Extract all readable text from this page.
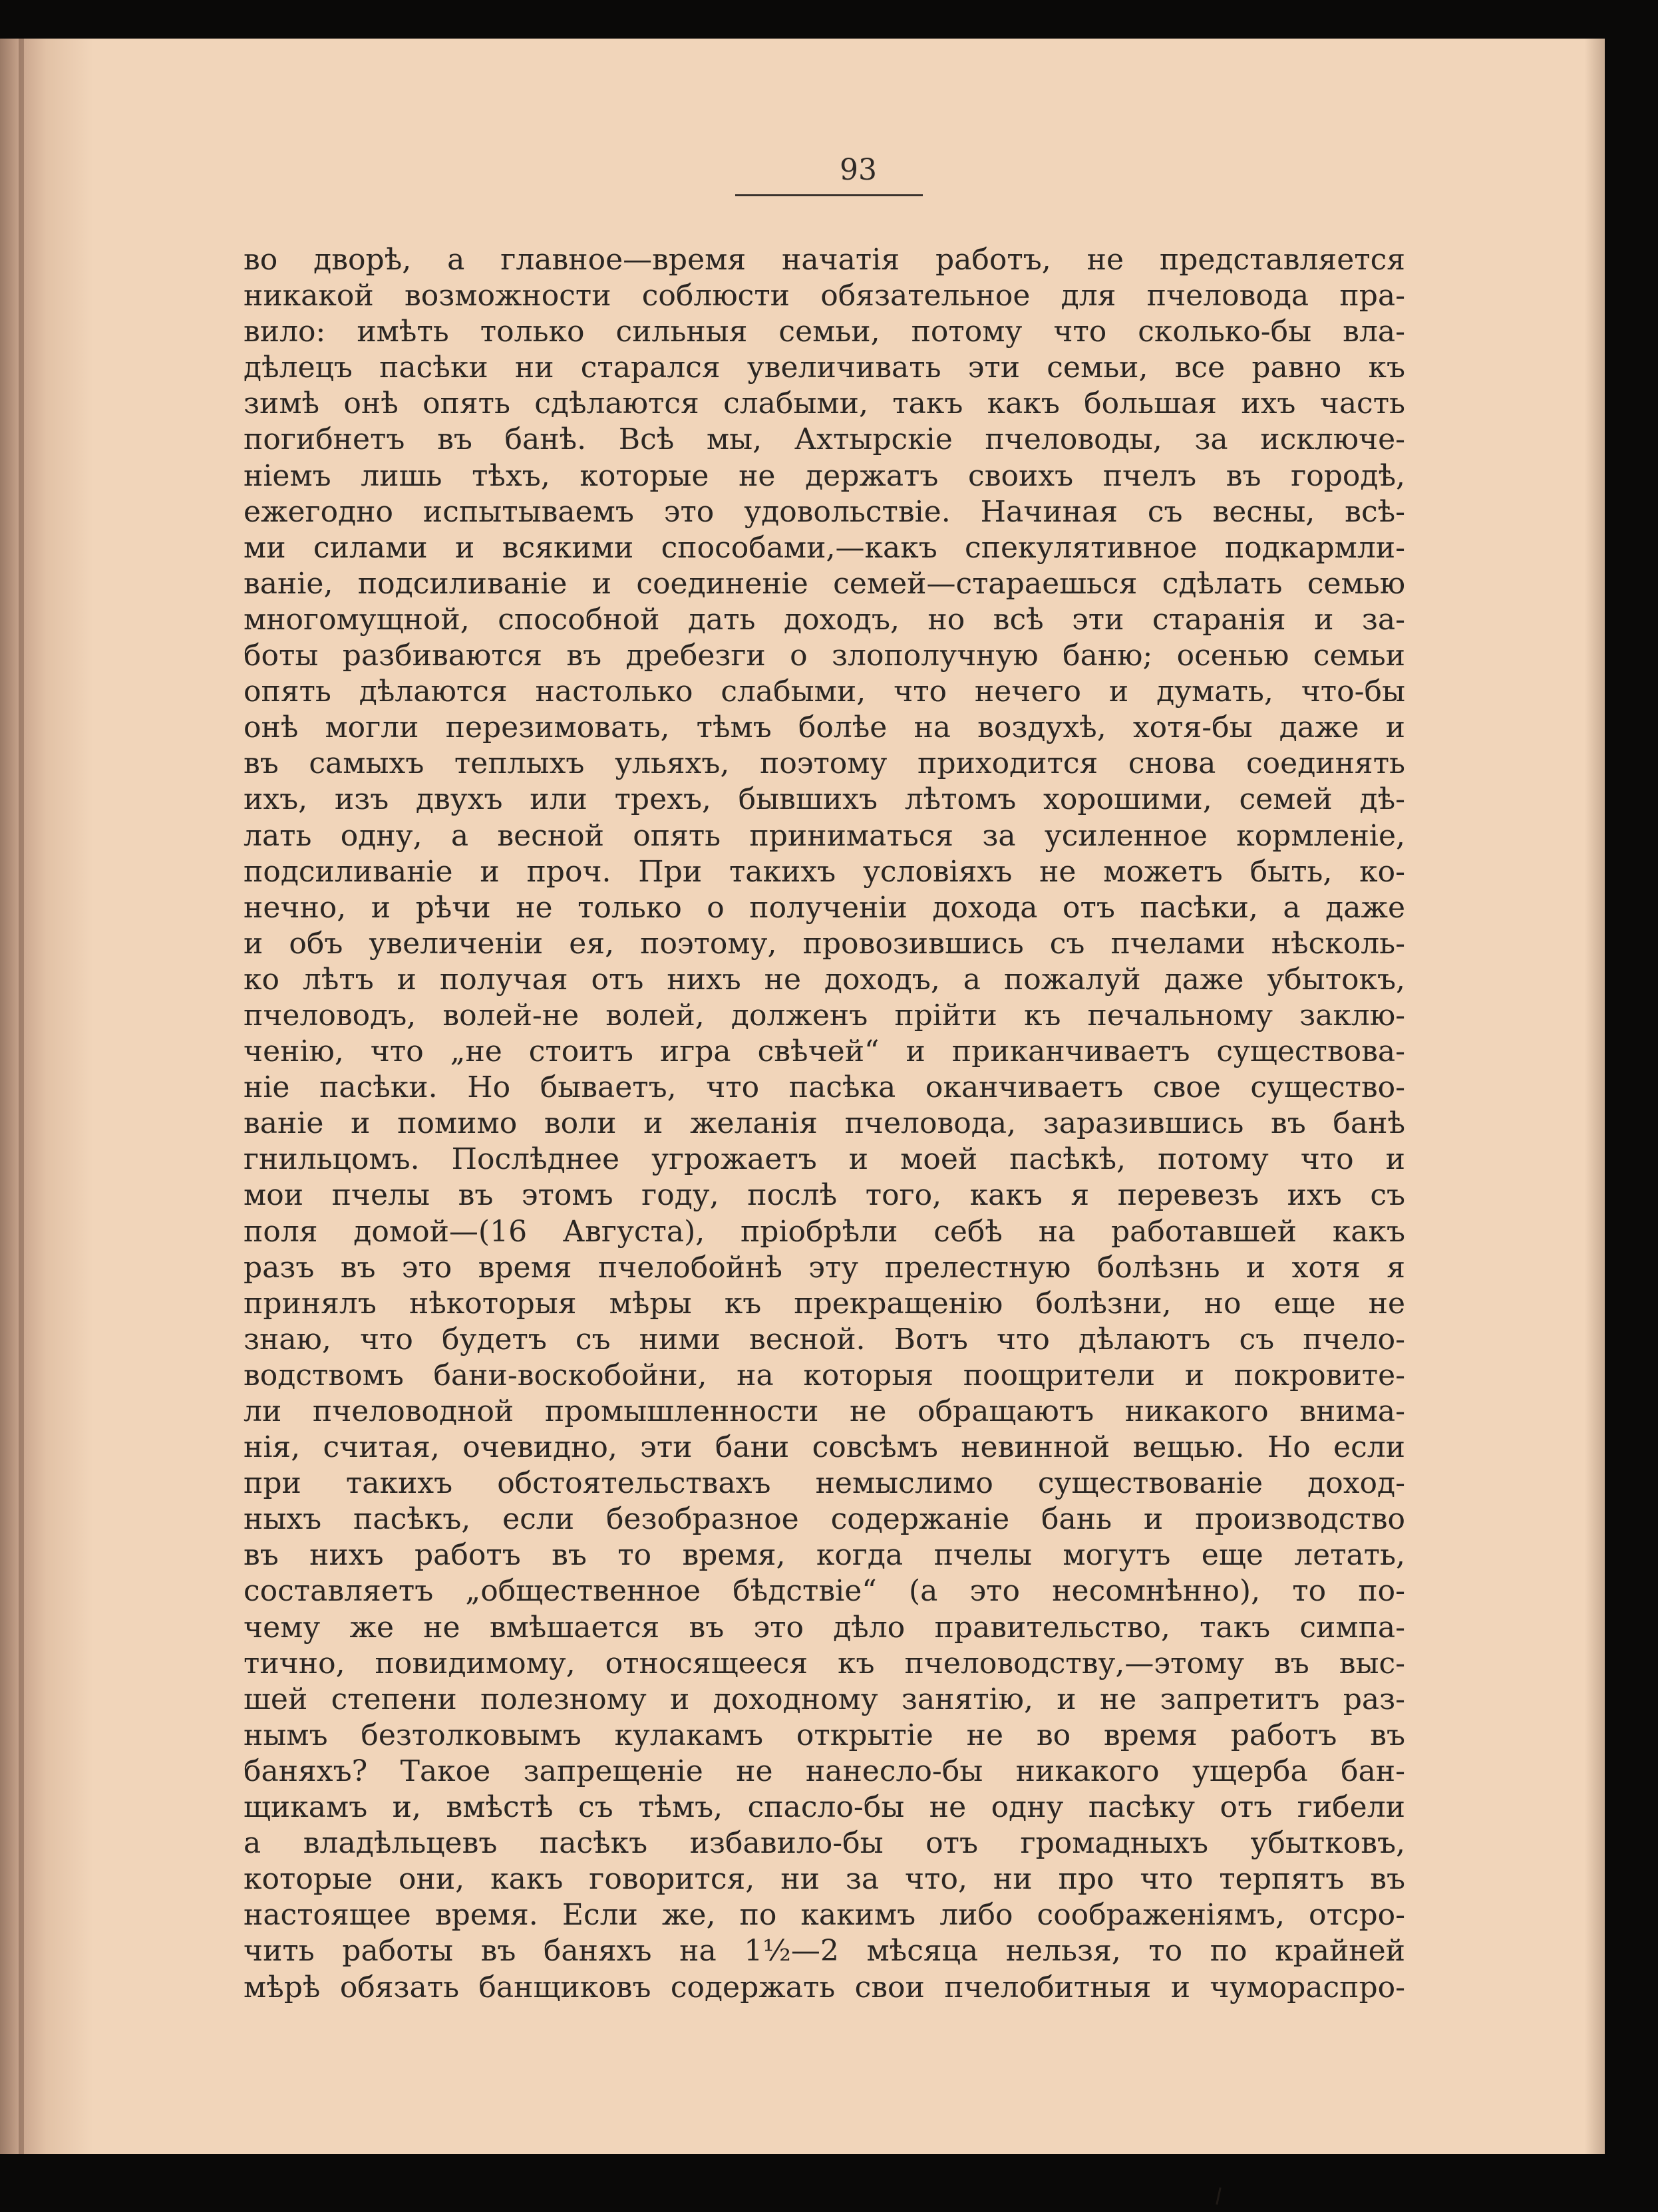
93
во дворѣ, а главное—время начатія работъ, не представляется
никакой возможности соблюсти обязательное для пчеловода пра-
вило: имѣть только сильныя семьи, потому что сколько-бы вла-
дѣлецъ пасѣки ни старался увеличивать эти семьи, все равно къ
зимѣ онѣ опять сдѣлаются слабыми, такъ какъ большая ихъ часть
погибнетъ въ банѣ. Всѣ мы, Ахтырскіе пчеловоды, за исключе-
ніемъ лишь тѣхъ, которые не держатъ своихъ пчелъ въ городѣ,
ежегодно испытываемъ это удовольствіе. Начиная съ весны, всѣ-
ми силами и всякими способами,—какъ спекулятивное подкармли-
ваніе, подсиливаніе и соединеніе семей—стараешься сдѣлать семью
многомущной, способной дать доходъ, но всѣ эти старанія и за-
боты разбиваются въ дребезги о злополучную баню; осенью семьи
опять дѣлаются настолько слабыми, что нечего и думать, что-бы
онѣ могли перезимовать, тѣмъ болѣе на воздухѣ, хотя-бы даже и
въ самыхъ теплыхъ ульяхъ, поэтому приходится снова соединять
ихъ, изъ двухъ или трехъ, бывшихъ лѣтомъ хорошими, семей дѣ-
лать одну, а весной опять приниматься за усиленное кормленіе,
подсиливаніе и проч. При такихъ условіяхъ не можетъ быть, ко-
нечно, и рѣчи не только о полученіи дохода отъ пасѣки, а даже
и объ увеличеніи ея, поэтому, провозившись съ пчелами нѣсколь-
ко лѣтъ и получая отъ нихъ не доходъ, а пожалуй даже убытокъ,
пчеловодъ, волей-не волей, долженъ прійти къ печальному заклю-
ченію, что „не стоитъ игра свѣчей“ и приканчиваетъ существова-
ніе пасѣки. Но бываетъ, что пасѣка оканчиваетъ свое существо-
ваніе и помимо воли и желанія пчеловода, заразившись въ банѣ
гнильцомъ. Послѣднее угрожаетъ и моей пасѣкѣ, потому что и
мои пчелы въ этомъ году, послѣ того, какъ я перевезъ ихъ съ
поля домой—(16 Августа), пріобрѣли себѣ на работавшей какъ
разъ въ это время пчелобойнѣ эту прелестную болѣзнь и хотя я
принялъ нѣкоторыя мѣры къ прекращенію болѣзни, но еще не
знаю, что будетъ съ ними весной. Вотъ что дѣлаютъ съ пчело-
водствомъ бани-воскобойни, на которыя поощрители и покровите-
ли пчеловодной промышленности не обращаютъ никакого внима-
нія, считая, очевидно, эти бани совсѣмъ невинной вещью. Но если
при такихъ обстоятельствахъ немыслимо существованіе доход-
ныхъ пасѣкъ, если безобразное содержаніе бань и производство
въ нихъ работъ въ то время, когда пчелы могутъ еще летать,
составляетъ „общественное бѣдствіе“ (а это несомнѣнно), то по-
чему же не вмѣшается въ это дѣло правительство, такъ симпа-
тично, повидимому, относящееся къ пчеловодству,—этому въ выс-
шей степени полезному и доходному занятію, и не запретитъ раз-
нымъ безтолковымъ кулакамъ открытіе не во время работъ въ
баняхъ? Такое запрещеніе не нанесло-бы никакого ущерба бан-
щикамъ и, вмѣстѣ съ тѣмъ, спасло-бы не одну пасѣку отъ гибели
а владѣльцевъ пасѣкъ избавило-бы отъ громадныхъ убытковъ,
которые они, какъ говорится, ни за что, ни про что терпятъ въ
настоящее время. Если же, по какимъ либо соображеніямъ, отсро-
чить работы въ баняхъ на 1½—2 мѣсяца нельзя, то по крайней
мѣрѣ обязать банщиковъ содержать свои пчелобитныя и чумораспро-
